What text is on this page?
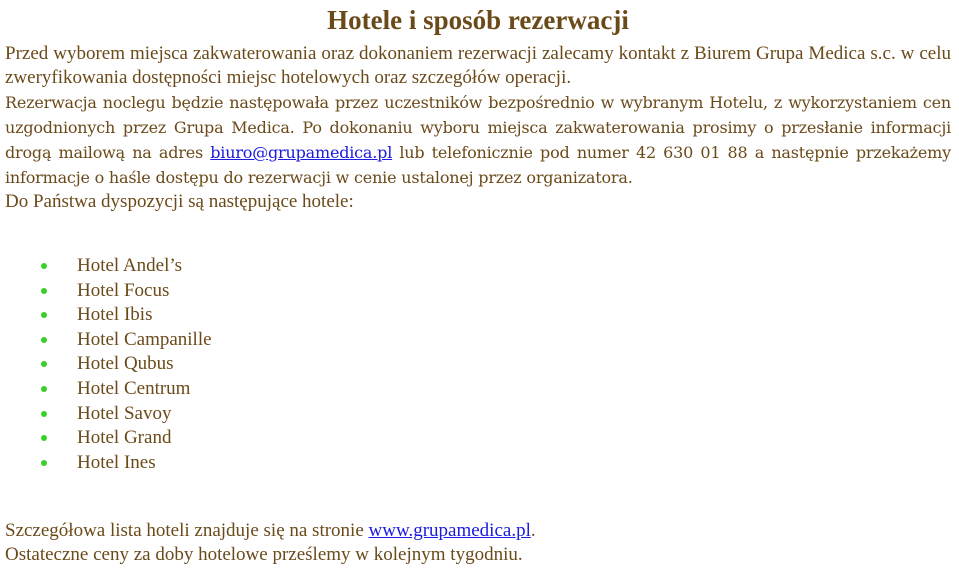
Hotele i sposób rezerwacji

Przed wyborem miejsca zakwaterowania oraz dokonaniem rezerwacji zalecamy kontakt z Biurem Grupa Medica s.c. w celu zweryfikowania dostępności miejsc hotelowych oraz szczegółów operacji.

Rezerwacja noclegu będzie następowała przez uczestników bezpośrednio w wybranym Hotelu, z wykorzystaniem cen uzgodnionych przez Grupa Medica. Po dokonaniu wyboru miejsca zakwaterowania prosimy o przesłanie informacji drogą mailową na adres biuro@grupamedica.pl lub telefonicznie pod numer 42 630 01 88 a następnie przekażemy informacje o haśle dostępu do rezerwacji w cenie ustalonej przez organizatora.

Do Państwa dyspozycji są następujące hotele:

Hotel Andel’s
Hotel Focus
Hotel Ibis
Hotel Campanille
Hotel Qubus
Hotel Centrum
Hotel Savoy
Hotel Grand
Hotel Ines

Szczegółowa lista hoteli znajduje się na stronie www.grupamedica.pl.

Ostateczne ceny za doby hotelowe prześlemy w kolejnym tygodniu.
